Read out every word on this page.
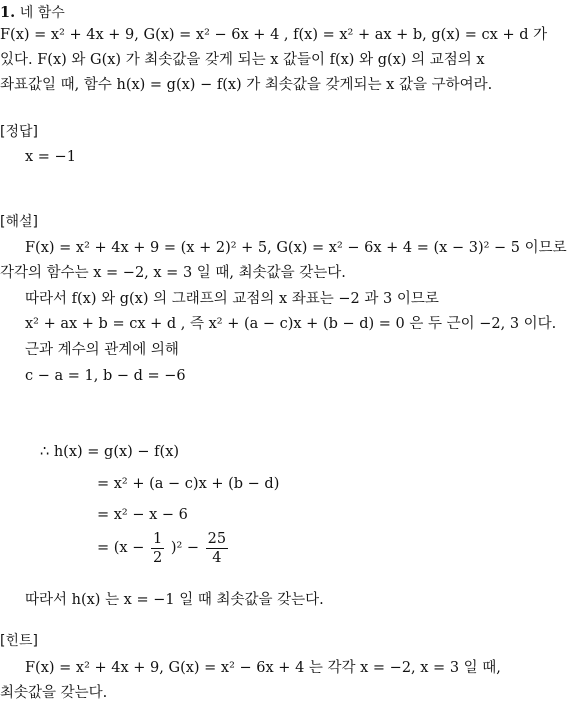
1. 네 함수
F(x) = x² + 4x + 9, G(x) = x² − 6x + 4 , f(x) = x² + ax + b, g(x) = cx + d 가
있다. F(x) 와 G(x) 가 최솟값을 갖게 되는 x 값들이 f(x) 와 g(x) 의 교점의 x
좌표값일 때, 함수 h(x) = g(x) − f(x) 가 최솟값을 갖게되는 x 값을 구하여라.
[정답]
x = −1
[해설]
F(x) = x² + 4x + 9 = (x + 2)² + 5, G(x) = x² − 6x + 4 = (x − 3)² − 5 이므로
각각의 함수는 x = −2, x = 3 일 때, 최솟값을 갖는다.
따라서 f(x) 와 g(x) 의 그래프의 교점의 x 좌표는 −2 과 3 이므로
x² + ax + b = cx + d , 즉 x² + (a − c)x + (b − d) = 0 은 두 근이 −2, 3 이다.
근과 계수의 관계에 의해
c − a = 1, b − d = −6
∴ h(x) = g(x) − f(x)
= x² + (a − c)x + (b − d)
= x² − x − 6
= $(x - \frac{1}{2} )^2 - \frac{25}{4}$
따라서 h(x) 는 x = −1 일 때 최솟값을 갖는다.
[힌트]
F(x) = x² + 4x + 9, G(x) = x² − 6x + 4 는 각각 x = −2, x = 3 일 때,
최솟값을 갖는다.
